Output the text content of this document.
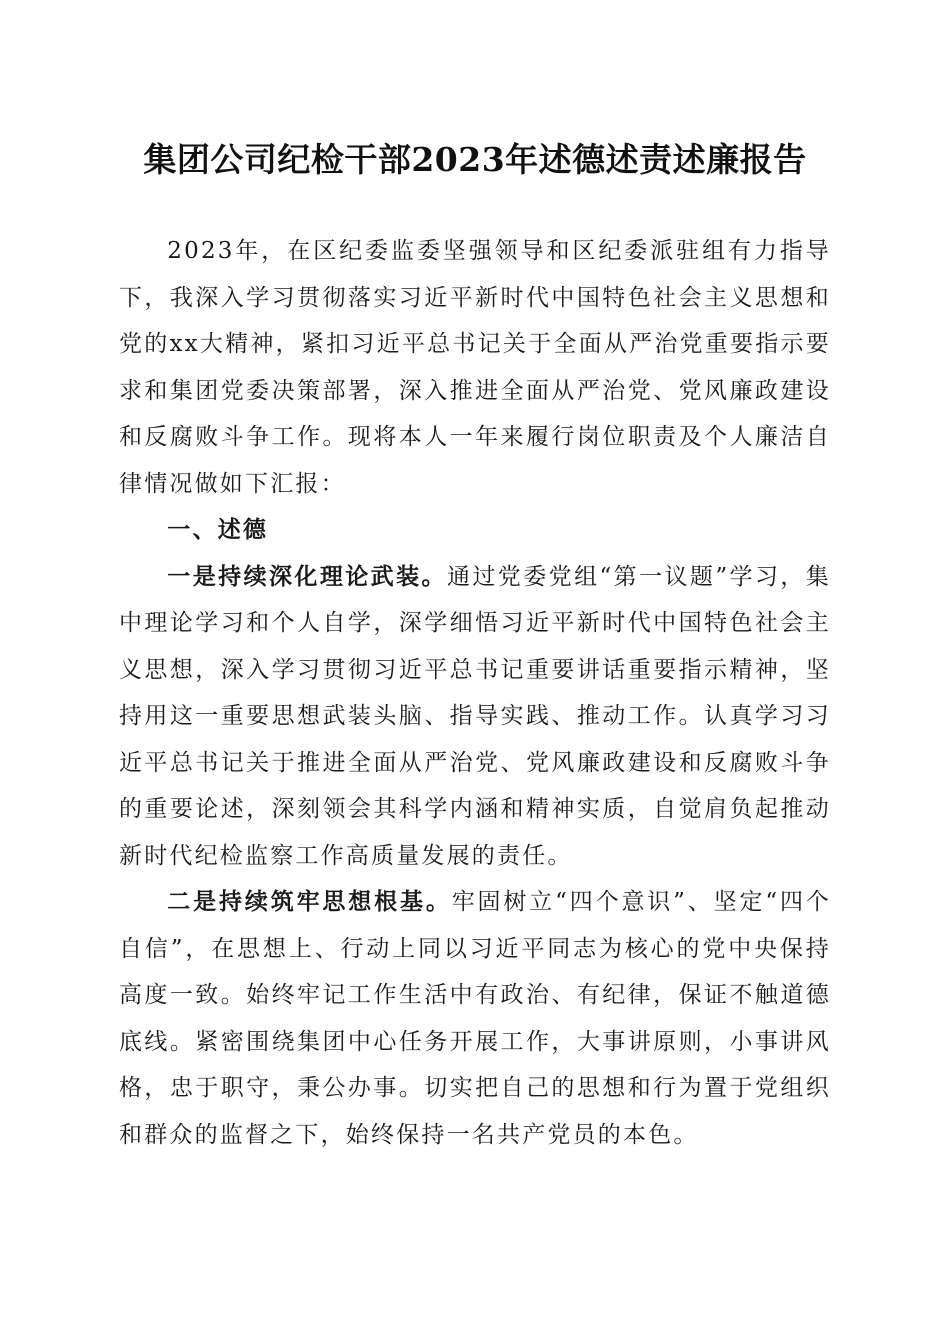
集团公司纪检干部2023年述德述责述廉报告

2023年，在区纪委监委坚强领导和区纪委派驻组有力指导下，我深入学习贯彻落实习近平新时代中国特色社会主义思想和党的xx大精神，紧扣习近平总书记关于全面从严治党重要指示要求和集团党委决策部署，深入推进全面从严治党、党风廉政建设和反腐败斗争工作。现将本人一年来履行岗位职责及个人廉洁自律情况做如下汇报：

一、述德

一是持续深化理论武装。通过党委党组“第一议题”学习，集中理论学习和个人自学，深学细悟习近平新时代中国特色社会主义思想，深入学习贯彻习近平总书记重要讲话重要指示精神，坚持用这一重要思想武装头脑、指导实践、推动工作。认真学习习近平总书记关于推进全面从严治党、党风廉政建设和反腐败斗争的重要论述，深刻领会其科学内涵和精神实质，自觉肩负起推动新时代纪检监察工作高质量发展的责任。

二是持续筑牢思想根基。牢固树立“四个意识”、坚定“四个自信”，在思想上、行动上同以习近平同志为核心的党中央保持高度一致。始终牢记工作生活中有政治、有纪律，保证不触道德底线。紧密围绕集团中心任务开展工作，大事讲原则，小事讲风格，忠于职守，秉公办事。切实把自己的思想和行为置于党组织和群众的监督之下，始终保持一名共产党员的本色。
